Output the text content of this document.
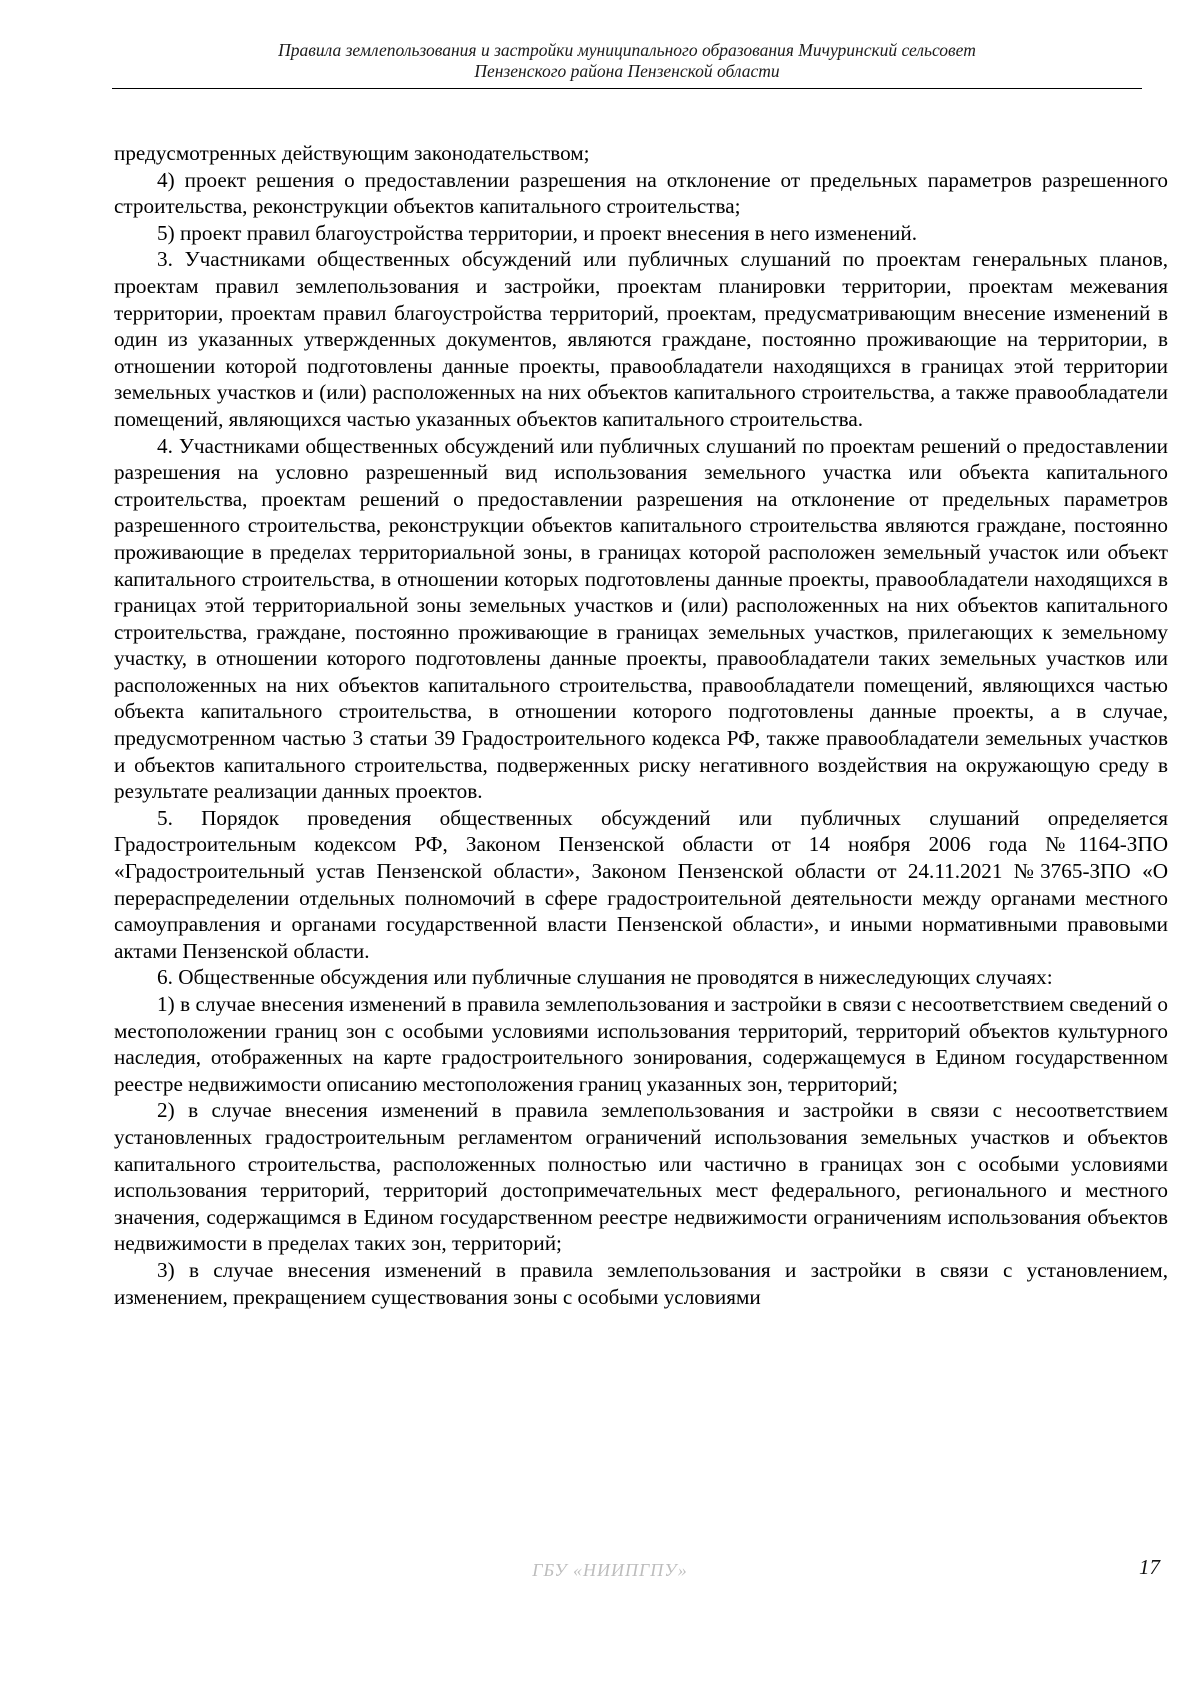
Правила землепользования и застройки муниципального образования Мичуринский сельсовет
Пензенского района Пензенской области

предусмотренных действующим законодательством;

4) проект решения о предоставлении разрешения на отклонение от предельных параметров разрешенного строительства, реконструкции объектов капитального строительства;

5) проект правил благоустройства территории, и проект внесения в него изменений.

3. Участниками общественных обсуждений или публичных слушаний по проектам генеральных планов, проектам правил землепользования и застройки, проектам планировки территории, проектам межевания территории, проектам правил благоустройства территорий, проектам, предусматривающим внесение изменений в один из указанных утвержденных документов, являются граждане, постоянно проживающие на территории, в отношении которой подготовлены данные проекты, правообладатели находящихся в границах этой территории земельных участков и (или) расположенных на них объектов капитального строительства, а также правообладатели помещений, являющихся частью указанных объектов капитального строительства.

4. Участниками общественных обсуждений или публичных слушаний по проектам решений о предоставлении разрешения на условно разрешенный вид использования земельного участка или объекта капитального строительства, проектам решений о предоставлении разрешения на отклонение от предельных параметров разрешенного строительства, реконструкции объектов капитального строительства являются граждане, постоянно проживающие в пределах территориальной зоны, в границах которой расположен земельный участок или объект капитального строительства, в отношении которых подготовлены данные проекты, правообладатели находящихся в границах этой территориальной зоны земельных участков и (или) расположенных на них объектов капитального строительства, граждане, постоянно проживающие в границах земельных участков, прилегающих к земельному участку, в отношении которого подготовлены данные проекты, правообладатели таких земельных участков или расположенных на них объектов капитального строительства, правообладатели помещений, являющихся частью объекта капитального строительства, в отношении которого подготовлены данные проекты, а в случае, предусмотренном частью 3 статьи 39 Градостроительного кодекса РФ, также правообладатели земельных участков и объектов капитального строительства, подверженных риску негативного воздействия на окружающую среду в результате реализации данных проектов.

5. Порядок проведения общественных обсуждений или публичных слушаний определяется Градостроительным кодексом РФ, Законом Пензенской области от 14 ноября 2006 года №1164-ЗПО «Градостроительный устав Пензенской области», Законом Пензенской области от 24.11.2021 №3765-ЗПО «О перераспределении отдельных полномочий в сфере градостроительной деятельности между органами местного самоуправления и органами государственной власти Пензенской области», и иными нормативными правовыми актами Пензенской области.

6. Общественные обсуждения или публичные слушания не проводятся в нижеследующих случаях:

1) в случае внесения изменений в правила землепользования и застройки в связи с несоответствием сведений о местоположении границ зон с особыми условиями использования территорий, территорий объектов культурного наследия, отображенных на карте градостроительного зонирования, содержащемуся в Едином государственном реестре недвижимости описанию местоположения границ указанных зон, территорий;

2) в случае внесения изменений в правила землепользования и застройки в связи с несоответствием установленных градостроительным регламентом ограничений использования земельных участков и объектов капитального строительства, расположенных полностью или частично в границах зон с особыми условиями использования территорий, территорий достопримечательных мест федерального, регионального и местного значения, содержащимся в Едином государственном реестре недвижимости ограничениям использования объектов недвижимости в пределах таких зон, территорий;

3) в случае внесения изменений в правила землепользования и застройки в связи с установлением, изменением, прекращением существования зоны с особыми условиями

ГБУ «НИИПГПУ»	17
